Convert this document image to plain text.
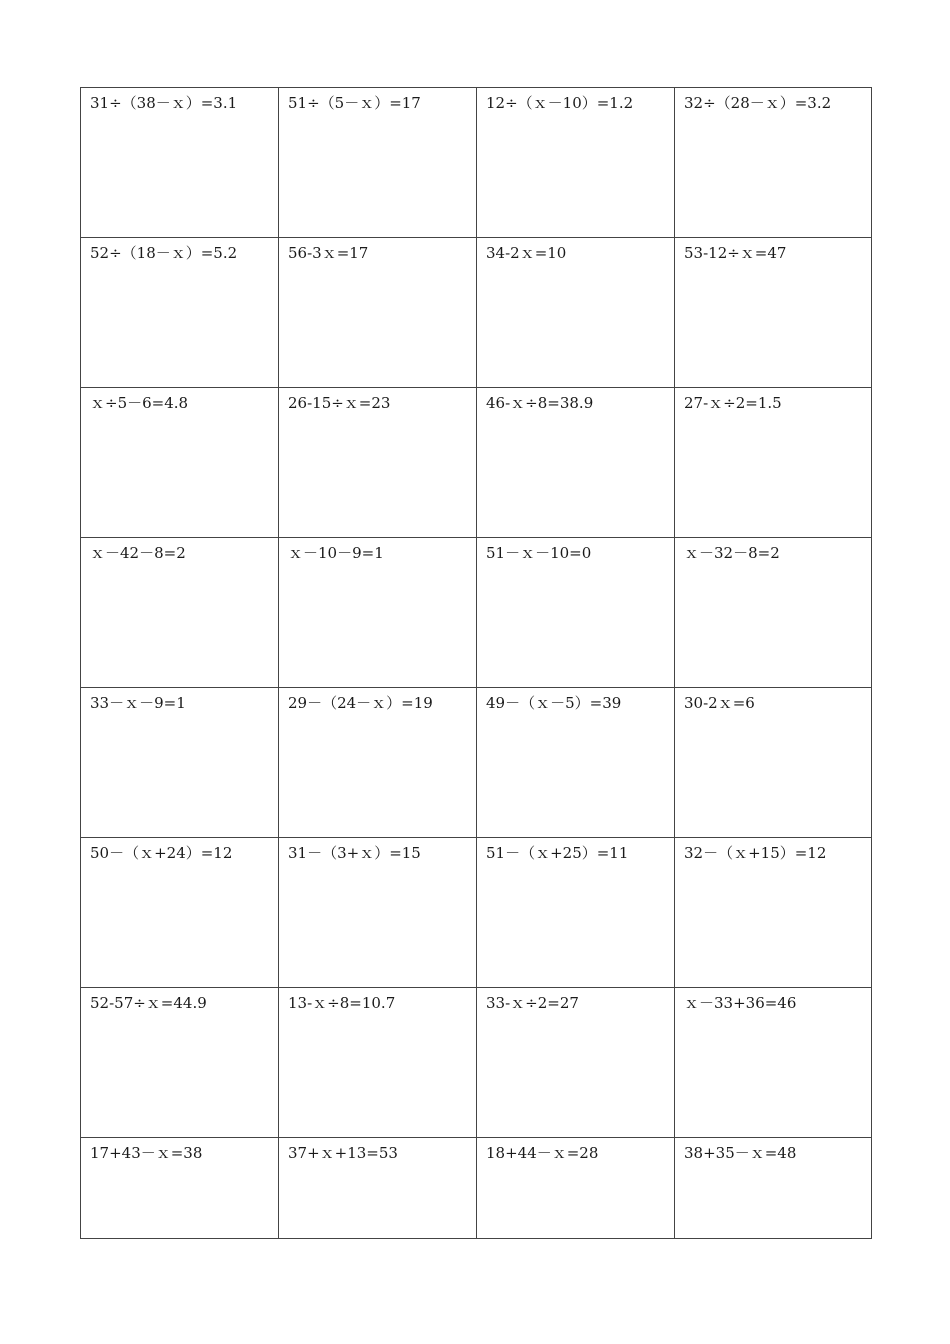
31÷（38－ｘ）=3.1	51÷（5－ｘ）=17	12÷（ｘ－10）=1.2	32÷（28－ｘ）=3.2
52÷（18－ｘ）=5.2	56-3ｘ=17	34-2ｘ=10	53-12÷ｘ=47
ｘ÷5－6=4.8	26-15÷ｘ=23	46-ｘ÷8=38.9	27-ｘ÷2=1.5
ｘ－42－8=2	ｘ－10－9=1	51－ｘ－10=0	ｘ－32－8=2
33－ｘ－9=1	29－（24－ｘ）=19	49－（ｘ－5）=39	30-2ｘ=6
50－（ｘ+24）=12	31－（3+ｘ）=15	51－（ｘ+25）=11	32－（ｘ+15）=12
52-57÷ｘ=44.9	13-ｘ÷8=10.7	33-ｘ÷2=27	ｘ－33+36=46
17+43－ｘ=38	37+ｘ+13=53	18+44－ｘ=28	38+35－ｘ=48
